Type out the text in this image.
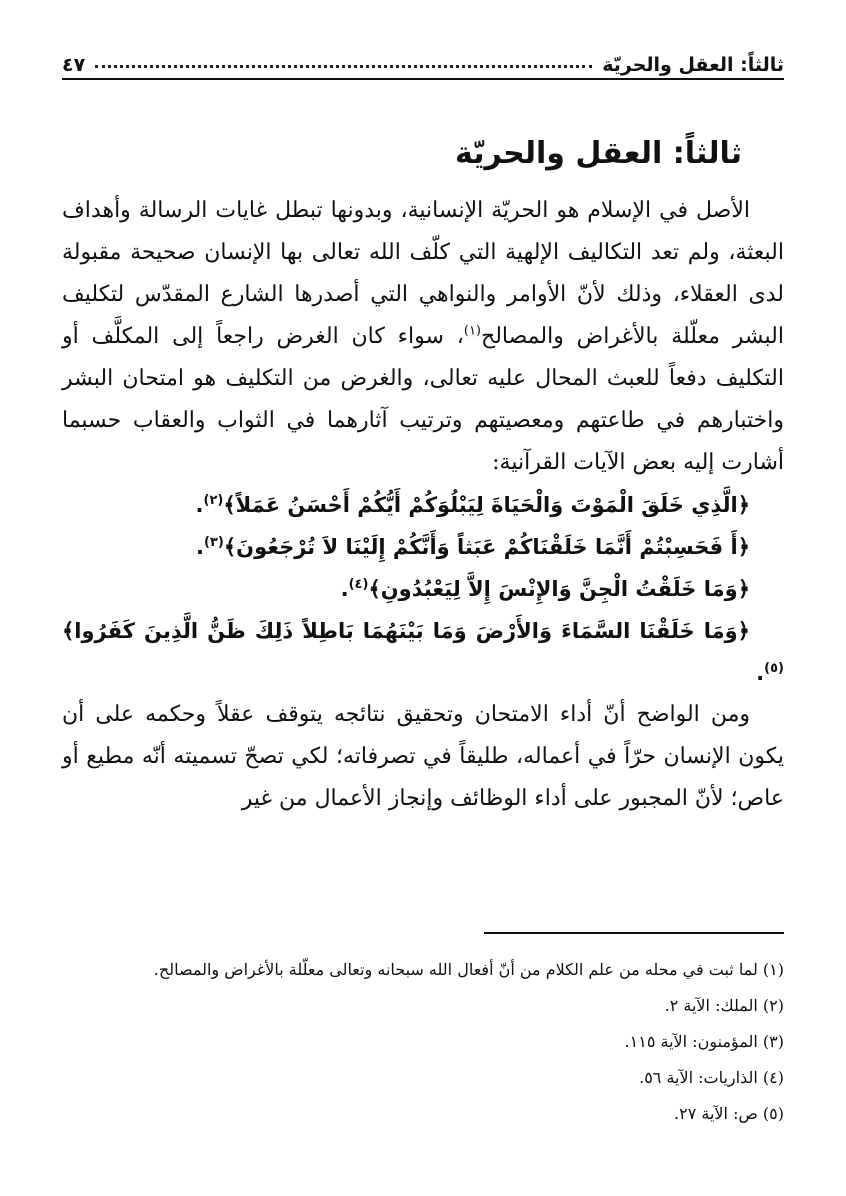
ثالثاً: العقل والحريّة
٤٧
ثالثاً: العقل والحريّة

الأصل في الإسلام هو الحريّة الإنسانية، وبدونها تبطل غايات الرسالة وأهداف البعثة، ولم تعد التكاليف الإلهية التي كلّف الله تعالى بها الإنسان صحيحة مقبولة لدى العقلاء، وذلك لأنّ الأوامر والنواهي التي أصدرها الشارع المقدّس لتكليف البشر معلّلة بالأغراض والمصالح$^{(١)}$، سواء كان الغرض راجعاً إلى المكلَّف أو التكليف دفعاً للعبث المحال عليه تعالى، والغرض من التكليف هو امتحان البشر واختبارهم في طاعتهم ومعصيتهم وترتيب آثارهما في الثواب والعقاب حسبما أشارت إليه بعض الآيات القرآنية:

﴿الَّذِي خَلَقَ الْمَوْتَ وَالْحَيَاةَ لِيَبْلُوَكُمْ أَيُّكُمْ أَحْسَنُ عَمَلاً﴾$^{(٢)}$.

﴿أَ فَحَسِبْتُمْ أَنَّمَا خَلَقْنَاكُمْ عَبَثاً وَأَنَّكُمْ إِلَيْنَا لاَ تُرْجَعُونَ﴾$^{(٣)}$.

﴿وَمَا خَلَقْتُ الْجِنَّ وَالإِنْسَ إِلاَّ لِيَعْبُدُونِ﴾$^{(٤)}$.

﴿وَمَا خَلَقْنَا السَّمَاءَ وَالأَرْضَ وَمَا بَيْنَهُمَا بَاطِلاً ذَلِكَ ظَنُّ الَّذِينَ كَفَرُوا﴾$^{(٥)}$.

ومن الواضح أنّ أداء الامتحان وتحقيق نتائجه يتوقف عقلاً وحكمه على أن يكون الإنسان حرّاً في أعماله، طليقاً في تصرفاته؛ لكي تصحّ تسميته أنّه مطيع أو عاص؛ لأنّ المجبور على أداء الوظائف وإنجاز الأعمال من غير

(١) لما ثبت في محله من علم الكلام من أنّ أفعال الله سبحانه وتعالى معلّلة بالأغراض والمصالح.
(٢) الملك: الآية ٢.
(٣) المؤمنون: الآية ١١٥.
(٤) الذاريات: الآية ٥٦.
(٥) ص: الآية ٢٧.
